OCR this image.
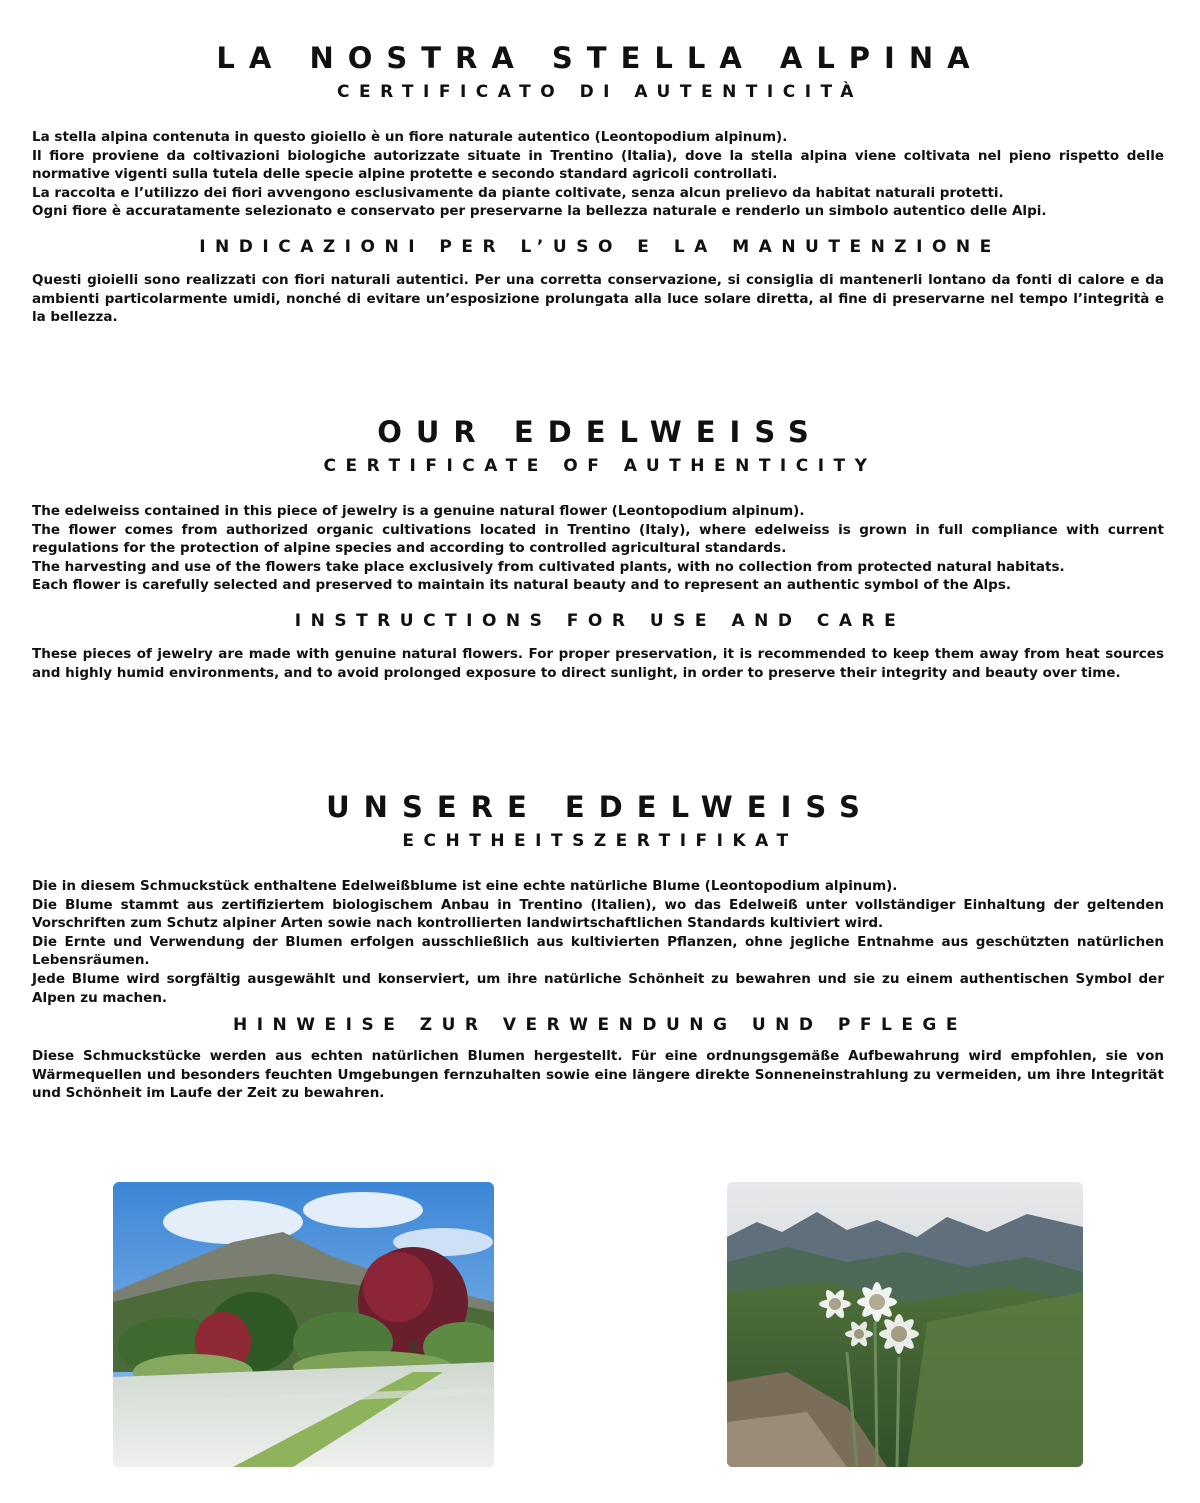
LA NOSTRA STELLA ALPINA
CERTIFICATO DI AUTENTICITÀ

La stella alpina contenuta in questo gioiello è un fiore naturale autentico (Leontopodium alpinum).

Il fiore proviene da coltivazioni biologiche autorizzate situate in Trentino (Italia), dove la stella alpina viene coltivata nel pieno rispetto delle normative vigenti sulla tutela delle specie alpine protette e secondo standard agricoli controllati.

La raccolta e l’utilizzo dei fiori avvengono esclusivamente da piante coltivate, senza alcun prelievo da habitat naturali protetti.

Ogni fiore è accuratamente selezionato e conservato per preservarne la bellezza naturale e renderlo un simbolo autentico delle Alpi.

INDICAZIONI PER L’USO E LA MANUTENZIONE

Questi gioielli sono realizzati con fiori naturali autentici. Per una corretta conservazione, si consiglia di mantenerli lontano da fonti di calore e da ambienti particolarmente umidi, nonché di evitare un’esposizione prolungata alla luce solare diretta, al fine di preservarne nel tempo l’integrità e la bellezza.

OUR EDELWEISS
CERTIFICATE OF AUTHENTICITY

The edelweiss contained in this piece of jewelry is a genuine natural flower (Leontopodium alpinum).

The flower comes from authorized organic cultivations located in Trentino (Italy), where edelweiss is grown in full compliance with current regulations for the protection of alpine species and according to controlled agricultural standards.

The harvesting and use of the flowers take place exclusively from cultivated plants, with no collection from protected natural habitats.

Each flower is carefully selected and preserved to maintain its natural beauty and to represent an authentic symbol of the Alps.

INSTRUCTIONS FOR USE AND CARE

These pieces of jewelry are made with genuine natural flowers. For proper preservation, it is recommended to keep them away from heat sources and highly humid environments, and to avoid prolonged exposure to direct sunlight, in order to preserve their integrity and beauty over time.

UNSERE EDELWEISS
ECHTHEITSZERTIFIKAT

Die in diesem Schmuckstück enthaltene Edelweißblume ist eine echte natürliche Blume (Leontopodium alpinum).

Die Blume stammt aus zertifiziertem biologischem Anbau in Trentino (Italien), wo das Edelweiß unter vollständiger Einhaltung der geltenden Vorschriften zum Schutz alpiner Arten sowie nach kontrollierten landwirtschaftlichen Standards kultiviert wird.

Die Ernte und Verwendung der Blumen erfolgen ausschließlich aus kultivierten Pflanzen, ohne jegliche Entnahme aus geschützten natürlichen Lebensräumen.

Jede Blume wird sorgfältig ausgewählt und konserviert, um ihre natürliche Schönheit zu bewahren und sie zu einem authentischen Symbol der Alpen zu machen.

HINWEISE ZUR VERWENDUNG UND PFLEGE

Diese Schmuckstücke werden aus echten natürlichen Blumen hergestellt. Für eine ordnungsgemäße Aufbewahrung wird empfohlen, sie von Wärmequellen und besonders feuchten Umgebungen fernzuhalten sowie eine längere direkte Sonneneinstrahlung zu vermeiden, um ihre Integrität und Schönheit im Laufe der Zeit zu bewahren.
